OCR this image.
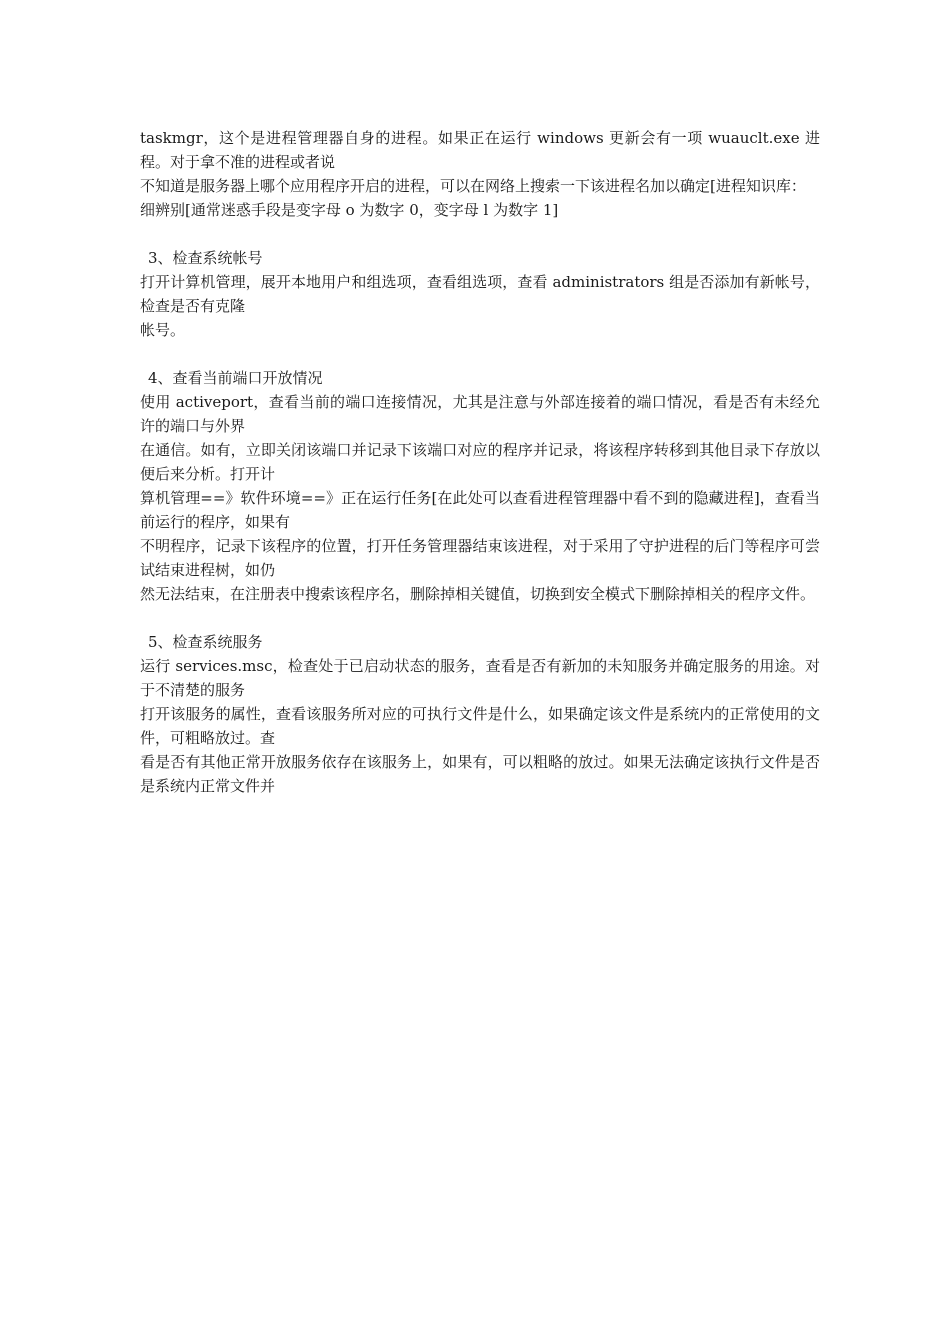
taskmgr，这个是进程管理器自身的进程。如果正在运行 windows 更新会有一项 wuauclt.exe 进程。对于拿不准的进程或者说

不知道是服务器上哪个应用程序开启的进程，可以在网络上搜索一下该进程名加以确定[进程知识库：

细辨别[通常迷惑手段是变字母 o 为数字 0，变字母 l 为数字 1]

3、检查系统帐号

打开计算机管理，展开本地用户和组选项，查看组选项，查看 administrators 组是否添加有新帐号，检查是否有克隆

帐号。

4、查看当前端口开放情况

使用 activeport，查看当前的端口连接情况，尤其是注意与外部连接着的端口情况，看是否有未经允许的端口与外界

在通信。如有，立即关闭该端口并记录下该端口对应的程序并记录，将该程序转移到其他目录下存放以便后来分析。打开计

算机管理==》软件环境==》正在运行任务[在此处可以查看进程管理器中看不到的隐藏进程]，查看当前运行的程序，如果有

不明程序，记录下该程序的位置，打开任务管理器结束该进程，对于采用了守护进程的后门等程序可尝试结束进程树，如仍

然无法结束，在注册表中搜索该程序名，删除掉相关键值，切换到安全模式下删除掉相关的程序文件。

5、检查系统服务

运行 services.msc，检查处于已启动状态的服务，查看是否有新加的未知服务并确定服务的用途。对于不清楚的服务

打开该服务的属性，查看该服务所对应的可执行文件是什么，如果确定该文件是系统内的正常使用的文件，可粗略放过。查

看是否有其他正常开放服务依存在该服务上，如果有，可以粗略的放过。如果无法确定该执行文件是否是系统内正常文件并
